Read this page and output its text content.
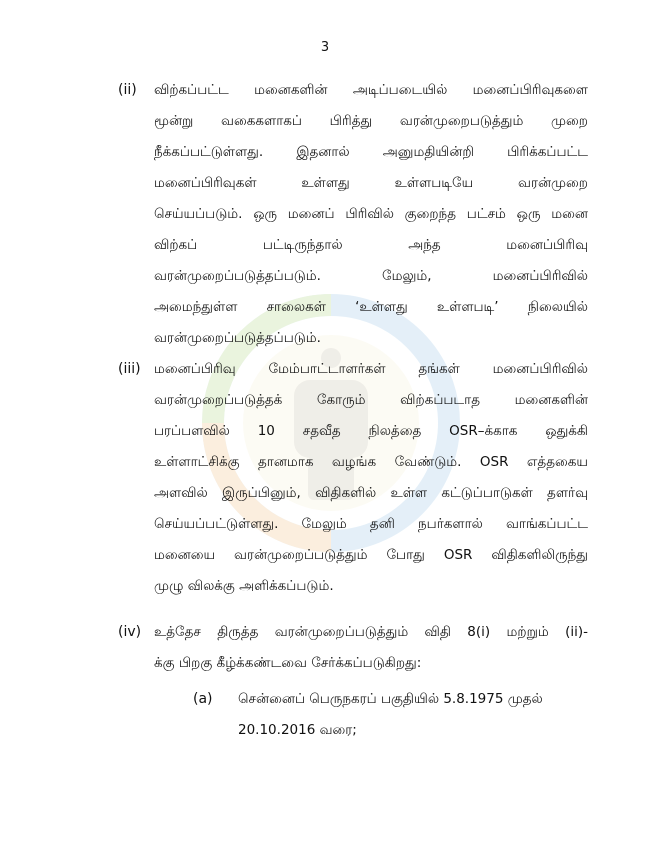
3
(ii) விற்கப்பட்ட மனைகளின் அடிப்படையில் மனைப்பிரிவுகளை
மூன்று வகைகளாகப் பிரித்து வரன்முறைபடுத்தும் முறை
நீக்கப்பட்டுள்ளது. இதனால் அனுமதியின்றி பிரிக்கப்பட்ட
மனைப்பிரிவுகள் உள்ளது உள்ளபடியே வரன்முறை
செய்யப்படும். ஒரு மனைப் பிரிவில் குறைந்த பட்சம் ஒரு மனை
விற்கப் பட்டிருந்தால் அந்த மனைப்பிரிவு
வரன்முறைப்படுத்தப்படும். மேலும், மனைப்பிரிவில்
அமைந்துள்ள சாலைகள் ‘உள்ளது உள்ளபடி’ நிலையில்
வரன்முறைப்படுத்தப்படும்.
(iii) மனைப்பிரிவு மேம்பாட்டாளர்கள் தங்கள் மனைப்பிரிவில்
வரன்முறைப்படுத்தக் கோரும் விற்கப்படாத மனைகளின்
பரப்பளவில் 10 சதவீத நிலத்தை OSR–க்காக ஒதுக்கி
உள்ளாட்சிக்கு தானமாக வழங்க வேண்டும். OSR எத்தகைய
அளவில் இருப்பினும், விதிகளில் உள்ள கட்டுப்பாடுகள் தளர்வு
செய்யப்பட்டுள்ளது. மேலும் தனி நபர்களால் வாங்கப்பட்ட
மனையை வரன்முறைப்படுத்தும் போது OSR விதிகளிலிருந்து
முழு விலக்கு அளிக்கப்படும்.
(iv) உத்தேச திருத்த வரன்முறைப்படுத்தும் விதி 8(i) மற்றும் (ii)-
க்கு பிறகு கீழ்க்கண்டவை சேர்க்கப்படுகிறது:
(a) சென்னைப் பெருநகரப் பகுதியில் 5.8.1975 முதல்
20.10.2016 வரை;
